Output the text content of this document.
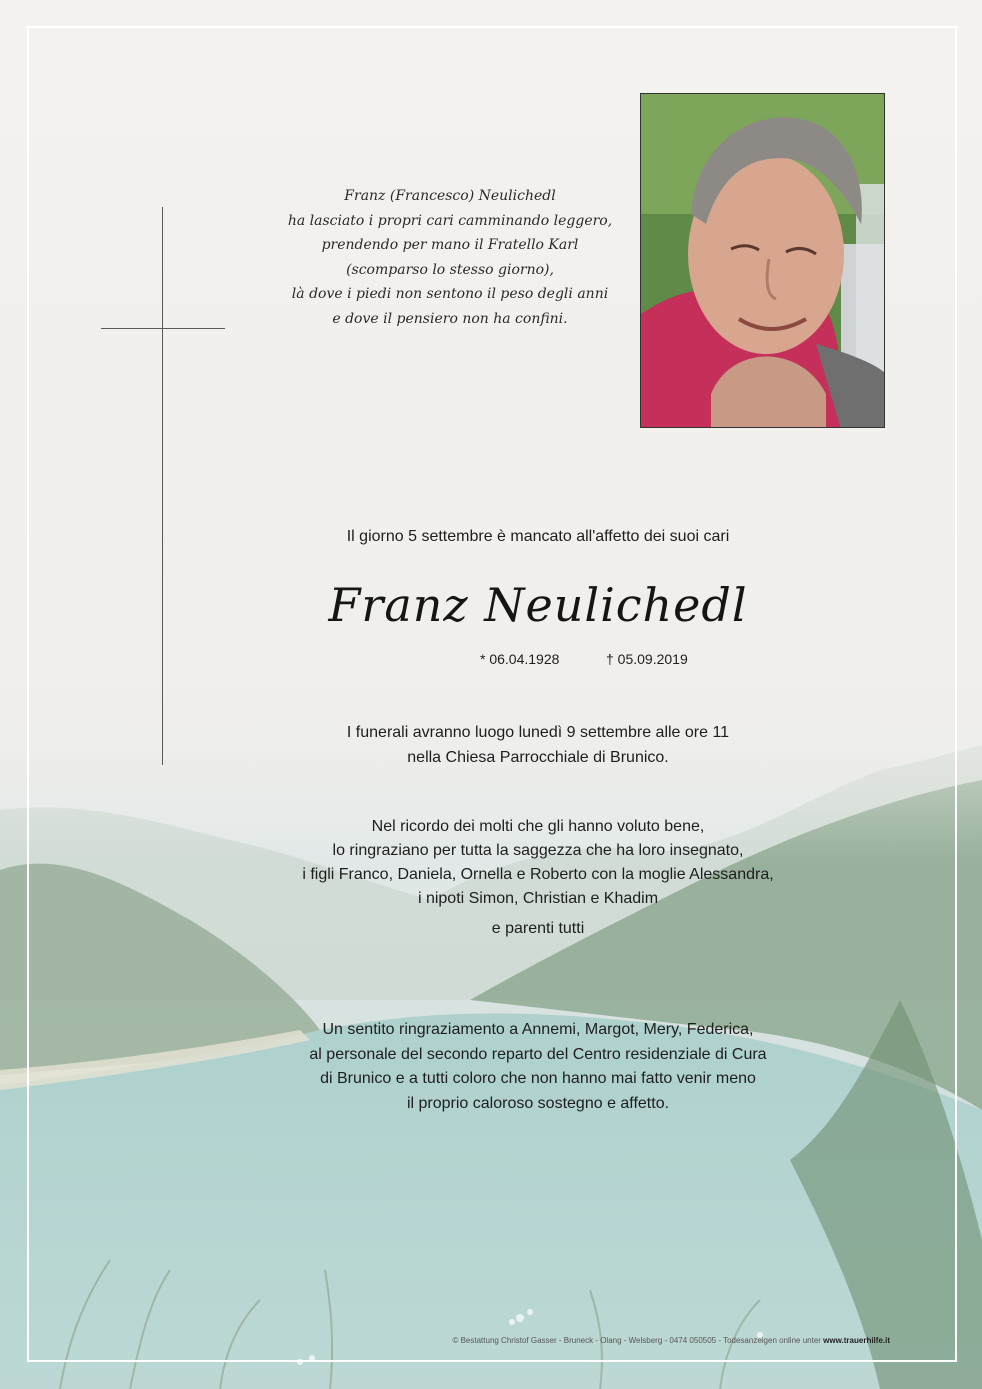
Franz (Francesco) Neulichedl
ha lasciato i propri cari camminando leggero,
prendendo per mano il Fratello Karl
(scomparso lo stesso giorno),
là dove i piedi non sentono il peso degli anni
e dove il pensiero non ha confini.
Il giorno 5 settembre è mancato all'affetto dei suoi cari
Franz Neulichedl
* 06.04.1928	† 05.09.2019
I funerali avranno luogo lunedì 9 settembre alle ore 11
nella Chiesa Parrocchiale di Brunico.
Nel ricordo dei molti che gli hanno voluto bene,
lo ringraziano per tutta la saggezza che ha loro insegnato,
i figli Franco, Daniela, Ornella e Roberto con la moglie Alessandra,
i nipoti Simon, Christian e Khadim
e parenti tutti
Un sentito ringraziamento a Annemi, Margot, Mery, Federica,
al personale del secondo reparto del Centro residenziale di Cura
di Brunico e a tutti coloro che non hanno mai fatto venir meno
il proprio caloroso sostegno e affetto.
© Bestattung Christof Gasser - Bruneck - Olang - Welsberg - 0474 050505 - Todesanzeigen online unter www.trauerhilfe.it
